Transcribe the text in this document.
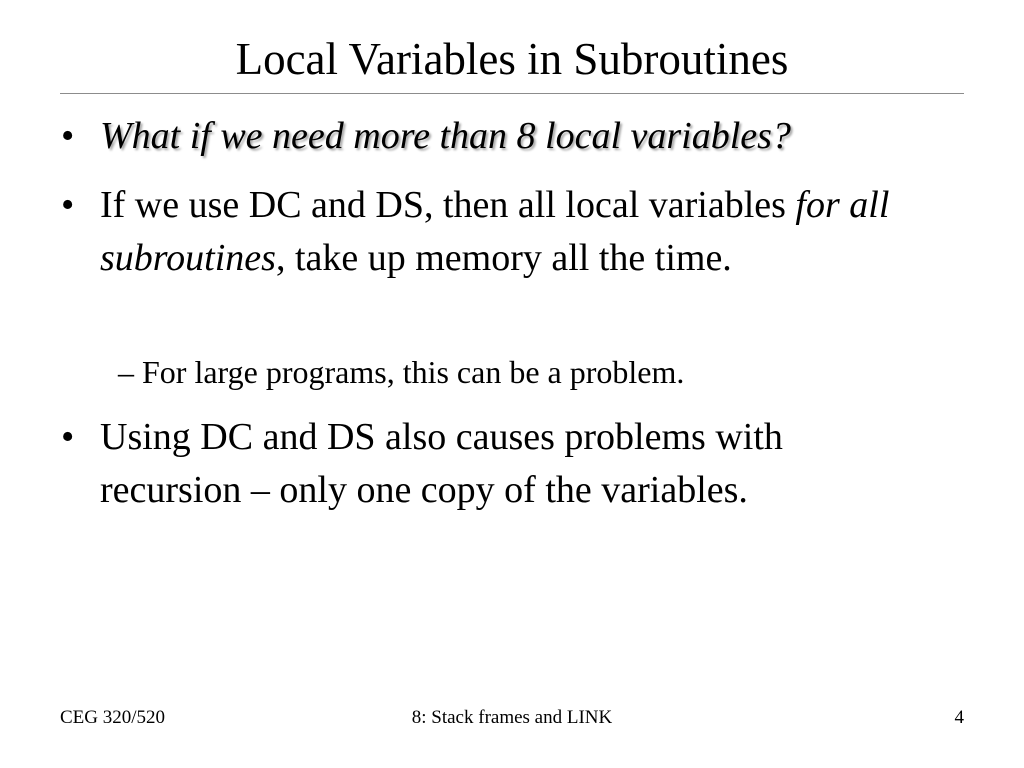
Local Variables in Subroutines
• What if we need more than 8 local variables?
• If we use DC and DS, then all local variables for all subroutines, take up memory all the time.
– For large programs, this can be a problem.
• Using DC and DS also causes problems with recursion – only one copy of the variables.
CEG 320/520	8: Stack frames and LINK	4
